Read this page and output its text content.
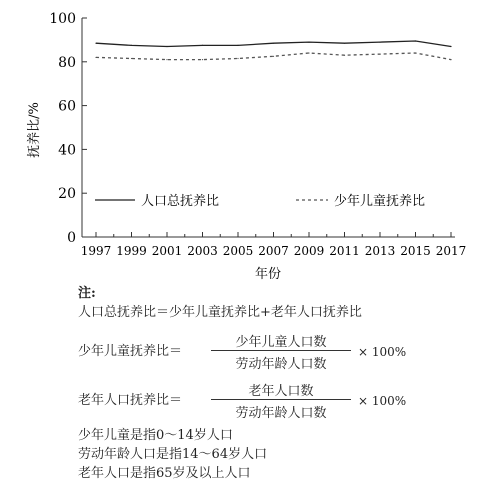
0
20
40
60
80
100
1997 1999 2001 2003 2005 2007 2009 2011 2013 2015 2017
人口总抚养比	少年儿童抚养比
抚养比/%
年份
注:
人口总抚养比＝少年儿童抚养比+老年人口抚养比
少年儿童抚养比＝
少年儿童人口数
劳动年龄人口数
× 100%
老年人口抚养比＝
老年人口数
劳动年龄人口数
× 100%
少年儿童是指0～14岁人口
劳动年龄人口是指14～64岁人口
老年人口是指65岁及以上人口
